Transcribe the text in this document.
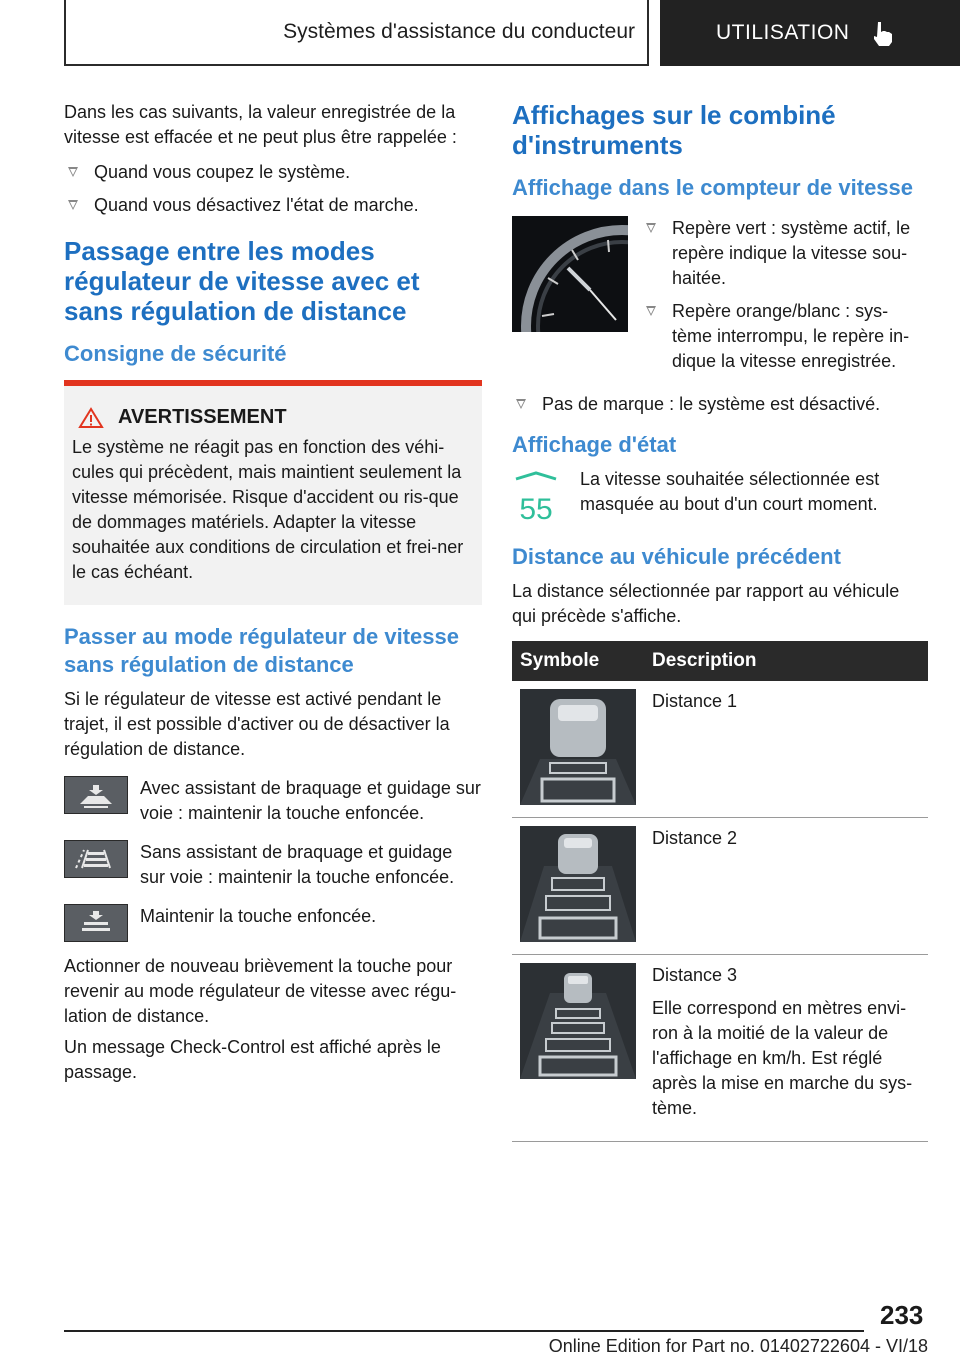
Systèmes d'assistance du conducteur	UTILISATION

Dans les cas suivants, la valeur enregistrée de la vitesse est effacée et ne peut plus être rappelée :

Quand vous coupez le système.
Quand vous désactivez l'état de marche.
Passage entre les modes régulateur de vitesse avec et sans régulation de distance
Consigne de sécurité
AVERTISSEMENT

Le système ne réagit pas en fonction des véhi-cules qui précèdent, mais maintient seulement la vitesse mémorisée. Risque d'accident ou ris-que de dommages matériels. Adapter la vitesse souhaitée aux conditions de circulation et frei-ner le cas échéant.

Passer au mode régulateur de vitesse sans régulation de distance

Si le régulateur de vitesse est activé pendant le trajet, il est possible d'activer ou de désactiver la régulation de distance.

Avec assistant de braquage et guidage sur voie : maintenir la touche enfoncée.

Sans assistant de braquage et guidage sur voie : maintenir la touche enfoncée.

Maintenir la touche enfoncée.

Actionner de nouveau brièvement la touche pour revenir au mode régulateur de vitesse avec régu-lation de distance.

Un message Check-Control est affiché après le passage.

Affichages sur le combiné d'instruments
Affichage dans le compteur de vitesse
Repère vert : système actif, le repère indique la vitesse sou-haitée.
Repère orange/blanc : sys-tème interrompu, le repère in-dique la vitesse enregistrée.
Pas de marque : le système est désactivé.
Affichage d'état
55

La vitesse souhaitée sélectionnée est masquée au bout d'un court moment.

Distance au véhicule précédent

La distance sélectionnée par rapport au véhicule qui précède s'affiche.

Symbole	Description

Distance 1

Distance 2

Distance 3

Elle correspond en mètres envi-ron à la moitié de la valeur de l'affichage en km/h. Est réglé après la mise en marche du sys-tème.

233
Online Edition for Part no. 01402722604 - VI/18
